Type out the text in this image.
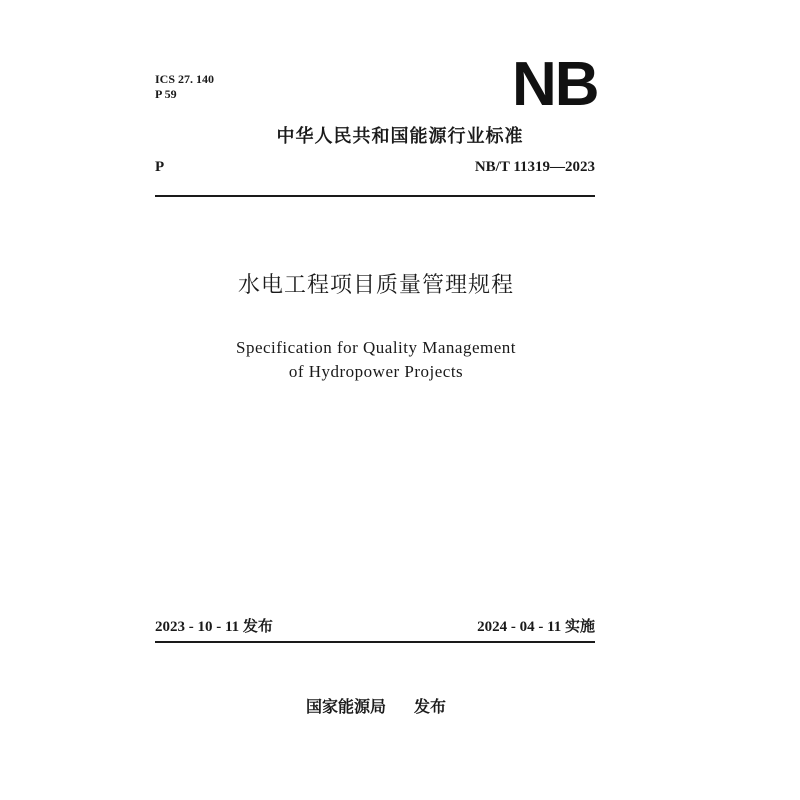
ICS 27. 140
P 59	NB
中华人民共和国能源行业标准
P	NB/T 11319—2023
水电工程项目质量管理规程
Specification for Quality Management
of Hydropower Projects
2023 - 10 - 11 发布	2024 - 04 - 11 实施
国家能源局 发布
